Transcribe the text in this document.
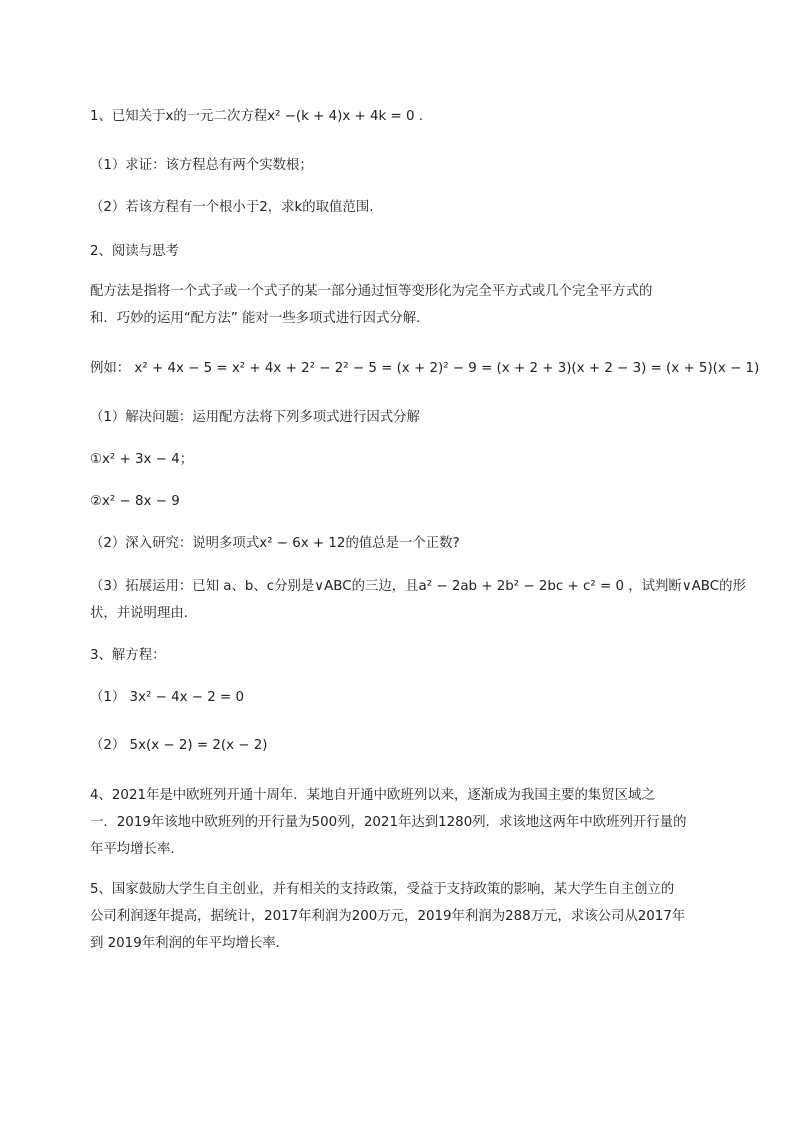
1、已知关于x的一元二次方程x² −(k + 4)x + 4k = 0 .

（1）求证：该方程总有两个实数根；

（2）若该方程有一个根小于2，求k的取值范围.

2、阅读与思考

配方法是指将一个式子或一个式子的某一部分通过恒等变形化为完全平方式或几个完全平方式的

和．巧妙的运用“配方法” 能对一些多项式进行因式分解．

例如： x² + 4x − 5 = x² + 4x + 2² − 2² − 5 = (x + 2)² − 9 = (x + 2 + 3)(x + 2 − 3) = (x + 5)(x − 1)

（1）解决问题：运用配方法将下列多项式进行因式分解

①x² + 3x − 4；

②x² − 8x − 9

（2）深入研究：说明多项式x² − 6x + 12的值总是一个正数?

（3）拓展运用：已知 a、b、c分别是∨ABC的三边，且a² − 2ab + 2b² − 2bc + c² = 0 ，试判断∨ABC的形

状，并说明理由．

3、解方程：

（1） 3x² − 4x − 2 = 0

（2） 5x(x − 2) = 2(x − 2)

4、2021年是中欧班列开通十周年．某地自开通中欧班列以来，逐渐成为我国主要的集贸区域之

一．2019年该地中欧班列的开行量为500列，2021年达到1280列．求该地这两年中欧班列开行量的

年平均增长率．

5、国家鼓励大学生自主创业，并有相关的支持政策，受益于支持政策的影响，某大学生自主创立的

公司利润逐年提高，据统计，2017年利润为200万元，2019年利润为288万元，求该公司从2017年

到 2019年利润的年平均增长率．
